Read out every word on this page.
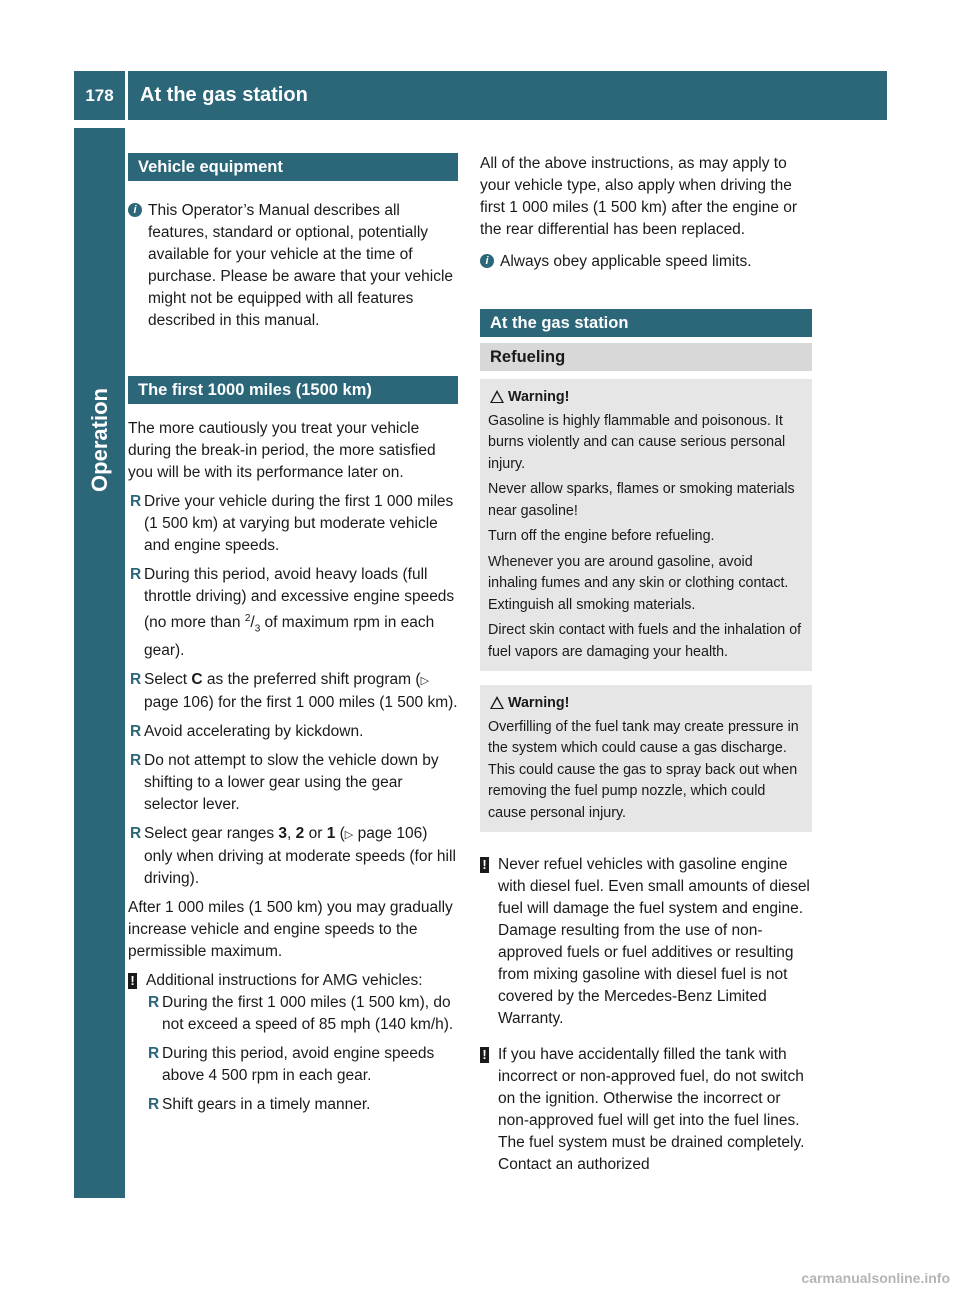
178	At the gas station
Operation
Vehicle equipment
i This Operator’s Manual describes all features, standard or optional, potentially available for your vehicle at the time of purchase. Please be aware that your vehicle might not be equipped with all features described in this manual.
The first 1000 miles (1500 km)

The more cautiously you treat your vehicle during the break-in period, the more satisfied you will be with its performance later on.

R Drive your vehicle during the first 1 000 miles (1 500 km) at varying but moderate vehicle and engine speeds.
R During this period, avoid heavy loads (full throttle driving) and excessive engine speeds (no more than $^2/_3$ of maximum rpm in each gear).
R Select C as the preferred shift program (▷ page 106) for the first 1 000 miles (1 500 km).
R Avoid accelerating by kickdown.
R Do not attempt to slow the vehicle down by shifting to a lower gear using the gear selector lever.
R Select gear ranges 3, 2 or 1 (▷ page 106) only when driving at moderate speeds (for hill driving).

After 1 000 miles (1 500 km) you may gradually increase vehicle and engine speeds to the permissible maximum.

! Additional instructions for AMG vehicles:
R During the first 1 000 miles (1 500 km), do not exceed a speed of 85 mph (140 km/h).
R During this period, avoid engine speeds above 4 500 rpm in each gear.
R Shift gears in a timely manner.

All of the above instructions, as may apply to your vehicle type, also apply when driving the first 1 000 miles (1 500 km) after the engine or the rear differential has been replaced.

i Always obey applicable speed limits.
At the gas station
Refueling
Warning!

Gasoline is highly flammable and poisonous. It burns violently and can cause serious personal injury.

Never allow sparks, flames or smoking materials near gasoline!

Turn off the engine before refueling.

Whenever you are around gasoline, avoid inhaling fumes and any skin or clothing contact. Extinguish all smoking materials.

Direct skin contact with fuels and the inhalation of fuel vapors are damaging your health.

Warning!

Overfilling of the fuel tank may create pressure in the system which could cause a gas discharge. This could cause the gas to spray back out when removing the fuel pump nozzle, which could cause personal injury.

! Never refuel vehicles with gasoline engine with diesel fuel. Even small amounts of diesel fuel will damage the fuel system and engine. Damage resulting from the use of non-approved fuels or fuel additives or resulting from mixing gasoline with diesel fuel is not covered by the Mercedes-Benz Limited Warranty.
! If you have accidentally filled the tank with incorrect or non-approved fuel, do not switch on the ignition. Otherwise the incorrect or non-approved fuel will get into the fuel lines. The fuel system must be drained completely. Contact an authorized
carmanualsonline.info
